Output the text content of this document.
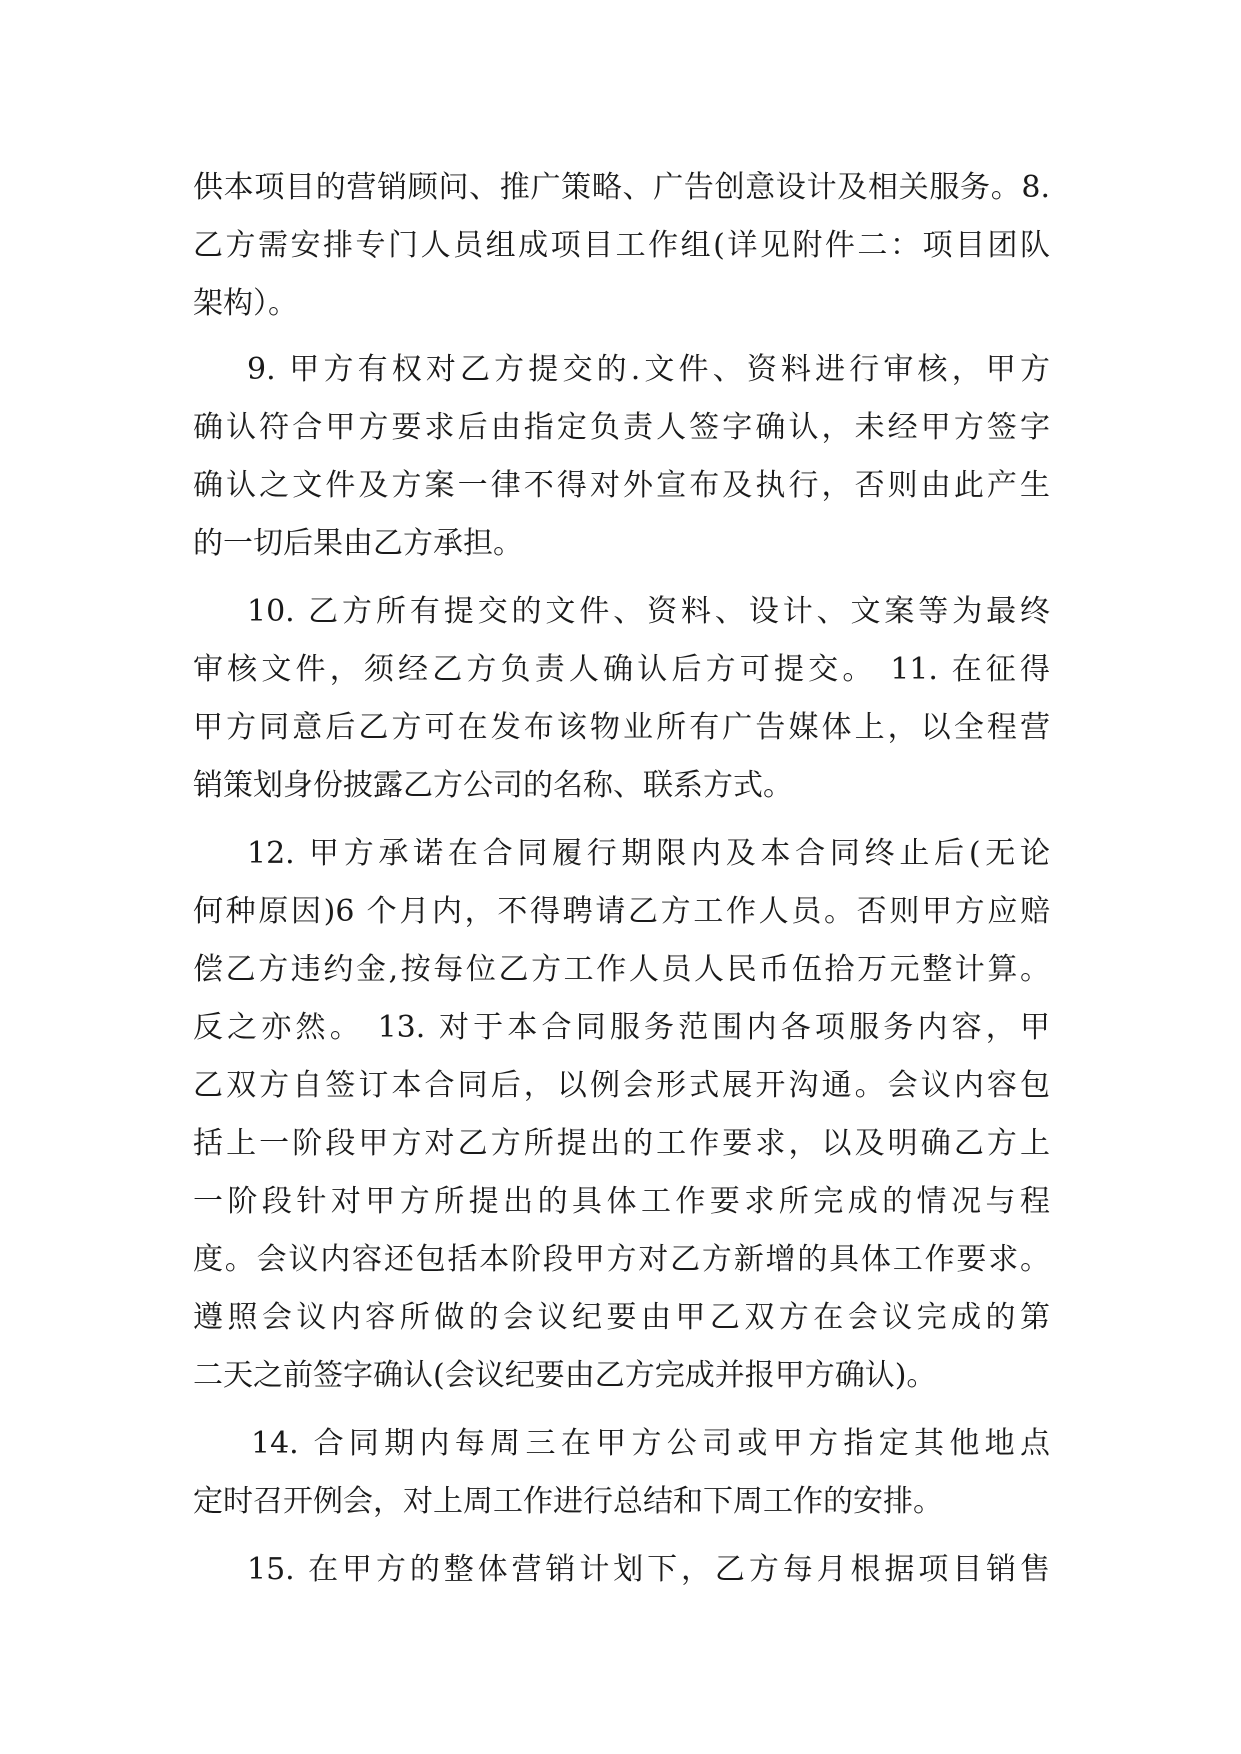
供本项目的营销顾问、推广策略、广告创意设计及相关服务。8.
乙方需安排专门人员组成项目工作组(详见附件二：项目团队
架构）。
9. 甲方有权对乙方提交的.文件、资料进行审核，甲方
确认符合甲方要求后由指定负责人签字确认，未经甲方签字
确认之文件及方案一律不得对外宣布及执行，否则由此产生
的一切后果由乙方承担。
10. 乙方所有提交的文件、资料、设计、文案等为最终
审核文件，须经乙方负责人确认后方可提交。 11. 在征得
甲方同意后乙方可在发布该物业所有广告媒体上，以全程营
销策划身份披露乙方公司的名称、联系方式。
12. 甲方承诺在合同履行期限内及本合同终止后(无论
何种原因)6 个月内，不得聘请乙方工作人员。否则甲方应赔
偿乙方违约金,按每位乙方工作人员人民币伍拾万元整计算。
反之亦然。 13. 对于本合同服务范围内各项服务内容，甲
乙双方自签订本合同后，以例会形式展开沟通。会议内容包
括上一阶段甲方对乙方所提出的工作要求，以及明确乙方上
一阶段针对甲方所提出的具体工作要求所完成的情况与程
度。会议内容还包括本阶段甲方对乙方新增的具体工作要求。
遵照会议内容所做的会议纪要由甲乙双方在会议完成的第
二天之前签字确认(会议纪要由乙方完成并报甲方确认)。
14. 合同期内每周三在甲方公司或甲方指定其他地点
定时召开例会，对上周工作进行总结和下周工作的安排。
15. 在甲方的整体营销计划下，乙方每月根据项目销售
